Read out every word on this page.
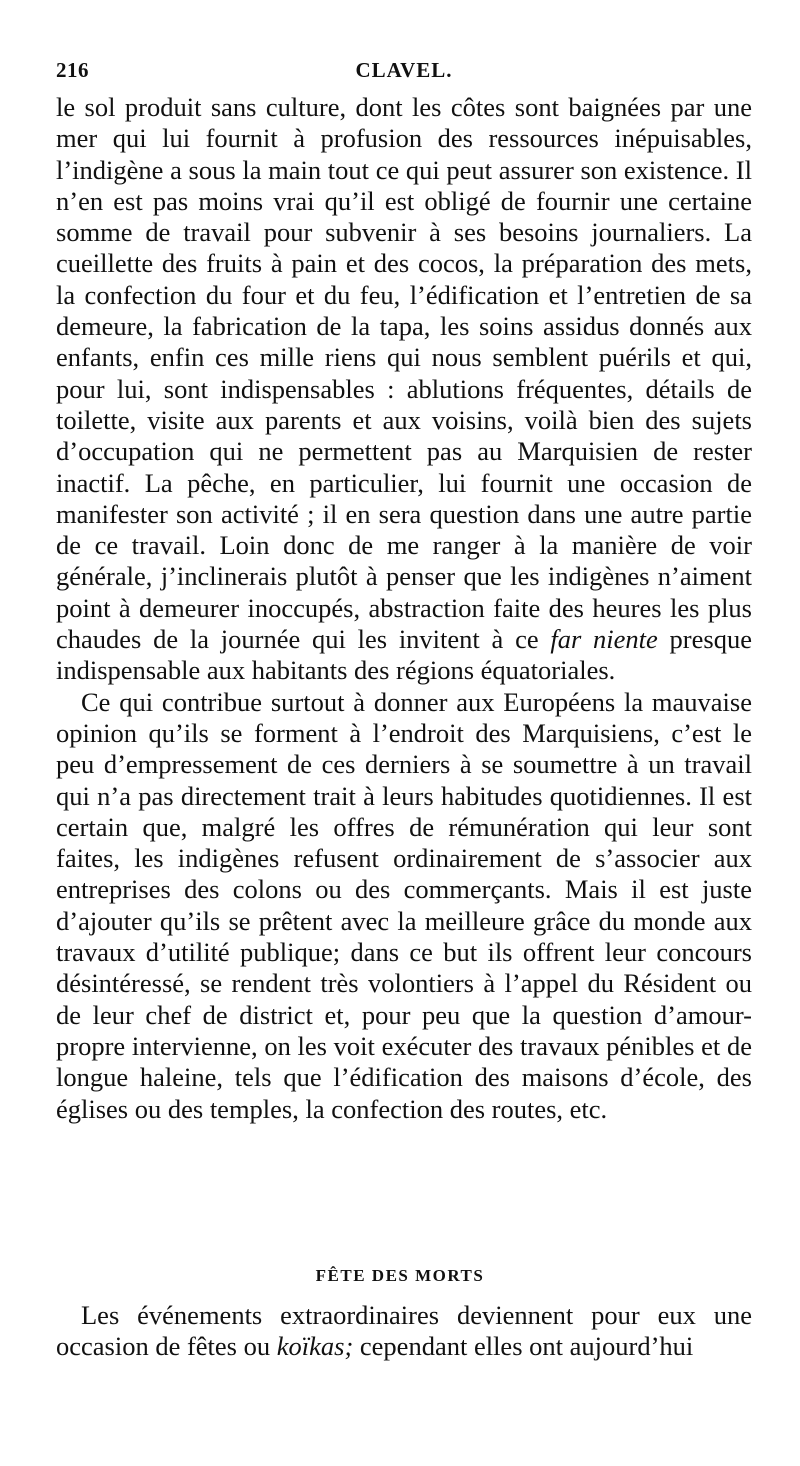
216	CLAVEL.

le sol produit sans culture, dont les côtes sont baignées par une mer qui lui fournit à profusion des ressources inépuisables, l’indigène a sous la main tout ce qui peut assurer son existence. Il n’en est pas moins vrai qu’il est obligé de fournir une certaine somme de travail pour subvenir à ses besoins journaliers. La cueillette des fruits à pain et des cocos, la préparation des mets, la confection du four et du feu, l’édification et l’entretien de sa demeure, la fabrication de la tapa, les soins assidus donnés aux enfants, enfin ces mille riens qui nous semblent puérils et qui, pour lui, sont indispensables : ablutions fréquentes, détails de toilette, visite aux parents et aux voisins, voilà bien des sujets d’occupation qui ne permettent pas au Marquisien de rester inactif. La pêche, en particulier, lui fournit une occasion de manifester son activité ; il en sera question dans une autre partie de ce travail. Loin donc de me ranger à la manière de voir générale, j’inclinerais plutôt à penser que les indigènes n’aiment point à demeurer inoccupés, abstraction faite des heures les plus chaudes de la journée qui les invitent à ce far niente presque indispensable aux habitants des régions équatoriales.

Ce qui contribue surtout à donner aux Européens la mauvaise opinion qu’ils se forment à l’endroit des Marquisiens, c’est le peu d’empressement de ces derniers à se soumettre à un travail qui n’a pas directement trait à leurs habitudes quotidiennes. Il est certain que, malgré les offres de rémunération qui leur sont faites, les indigènes refusent ordinairement de s’associer aux entreprises des colons ou des commerçants. Mais il est juste d’ajouter qu’ils se prêtent avec la meilleure grâce du monde aux travaux d’utilité publique; dans ce but ils offrent leur concours désintéressé, se rendent très volontiers à l’appel du Résident ou de leur chef de district et, pour peu que la question d’amour-propre intervienne, on les voit exécuter des travaux pénibles et de longue haleine, tels que l’édification des maisons d’école, des églises ou des temples, la confection des routes, etc.

FÊTE DES MORTS

Les événements extraordinaires deviennent pour eux une occasion de fêtes ou koïkas; cependant elles ont aujourd’hui
